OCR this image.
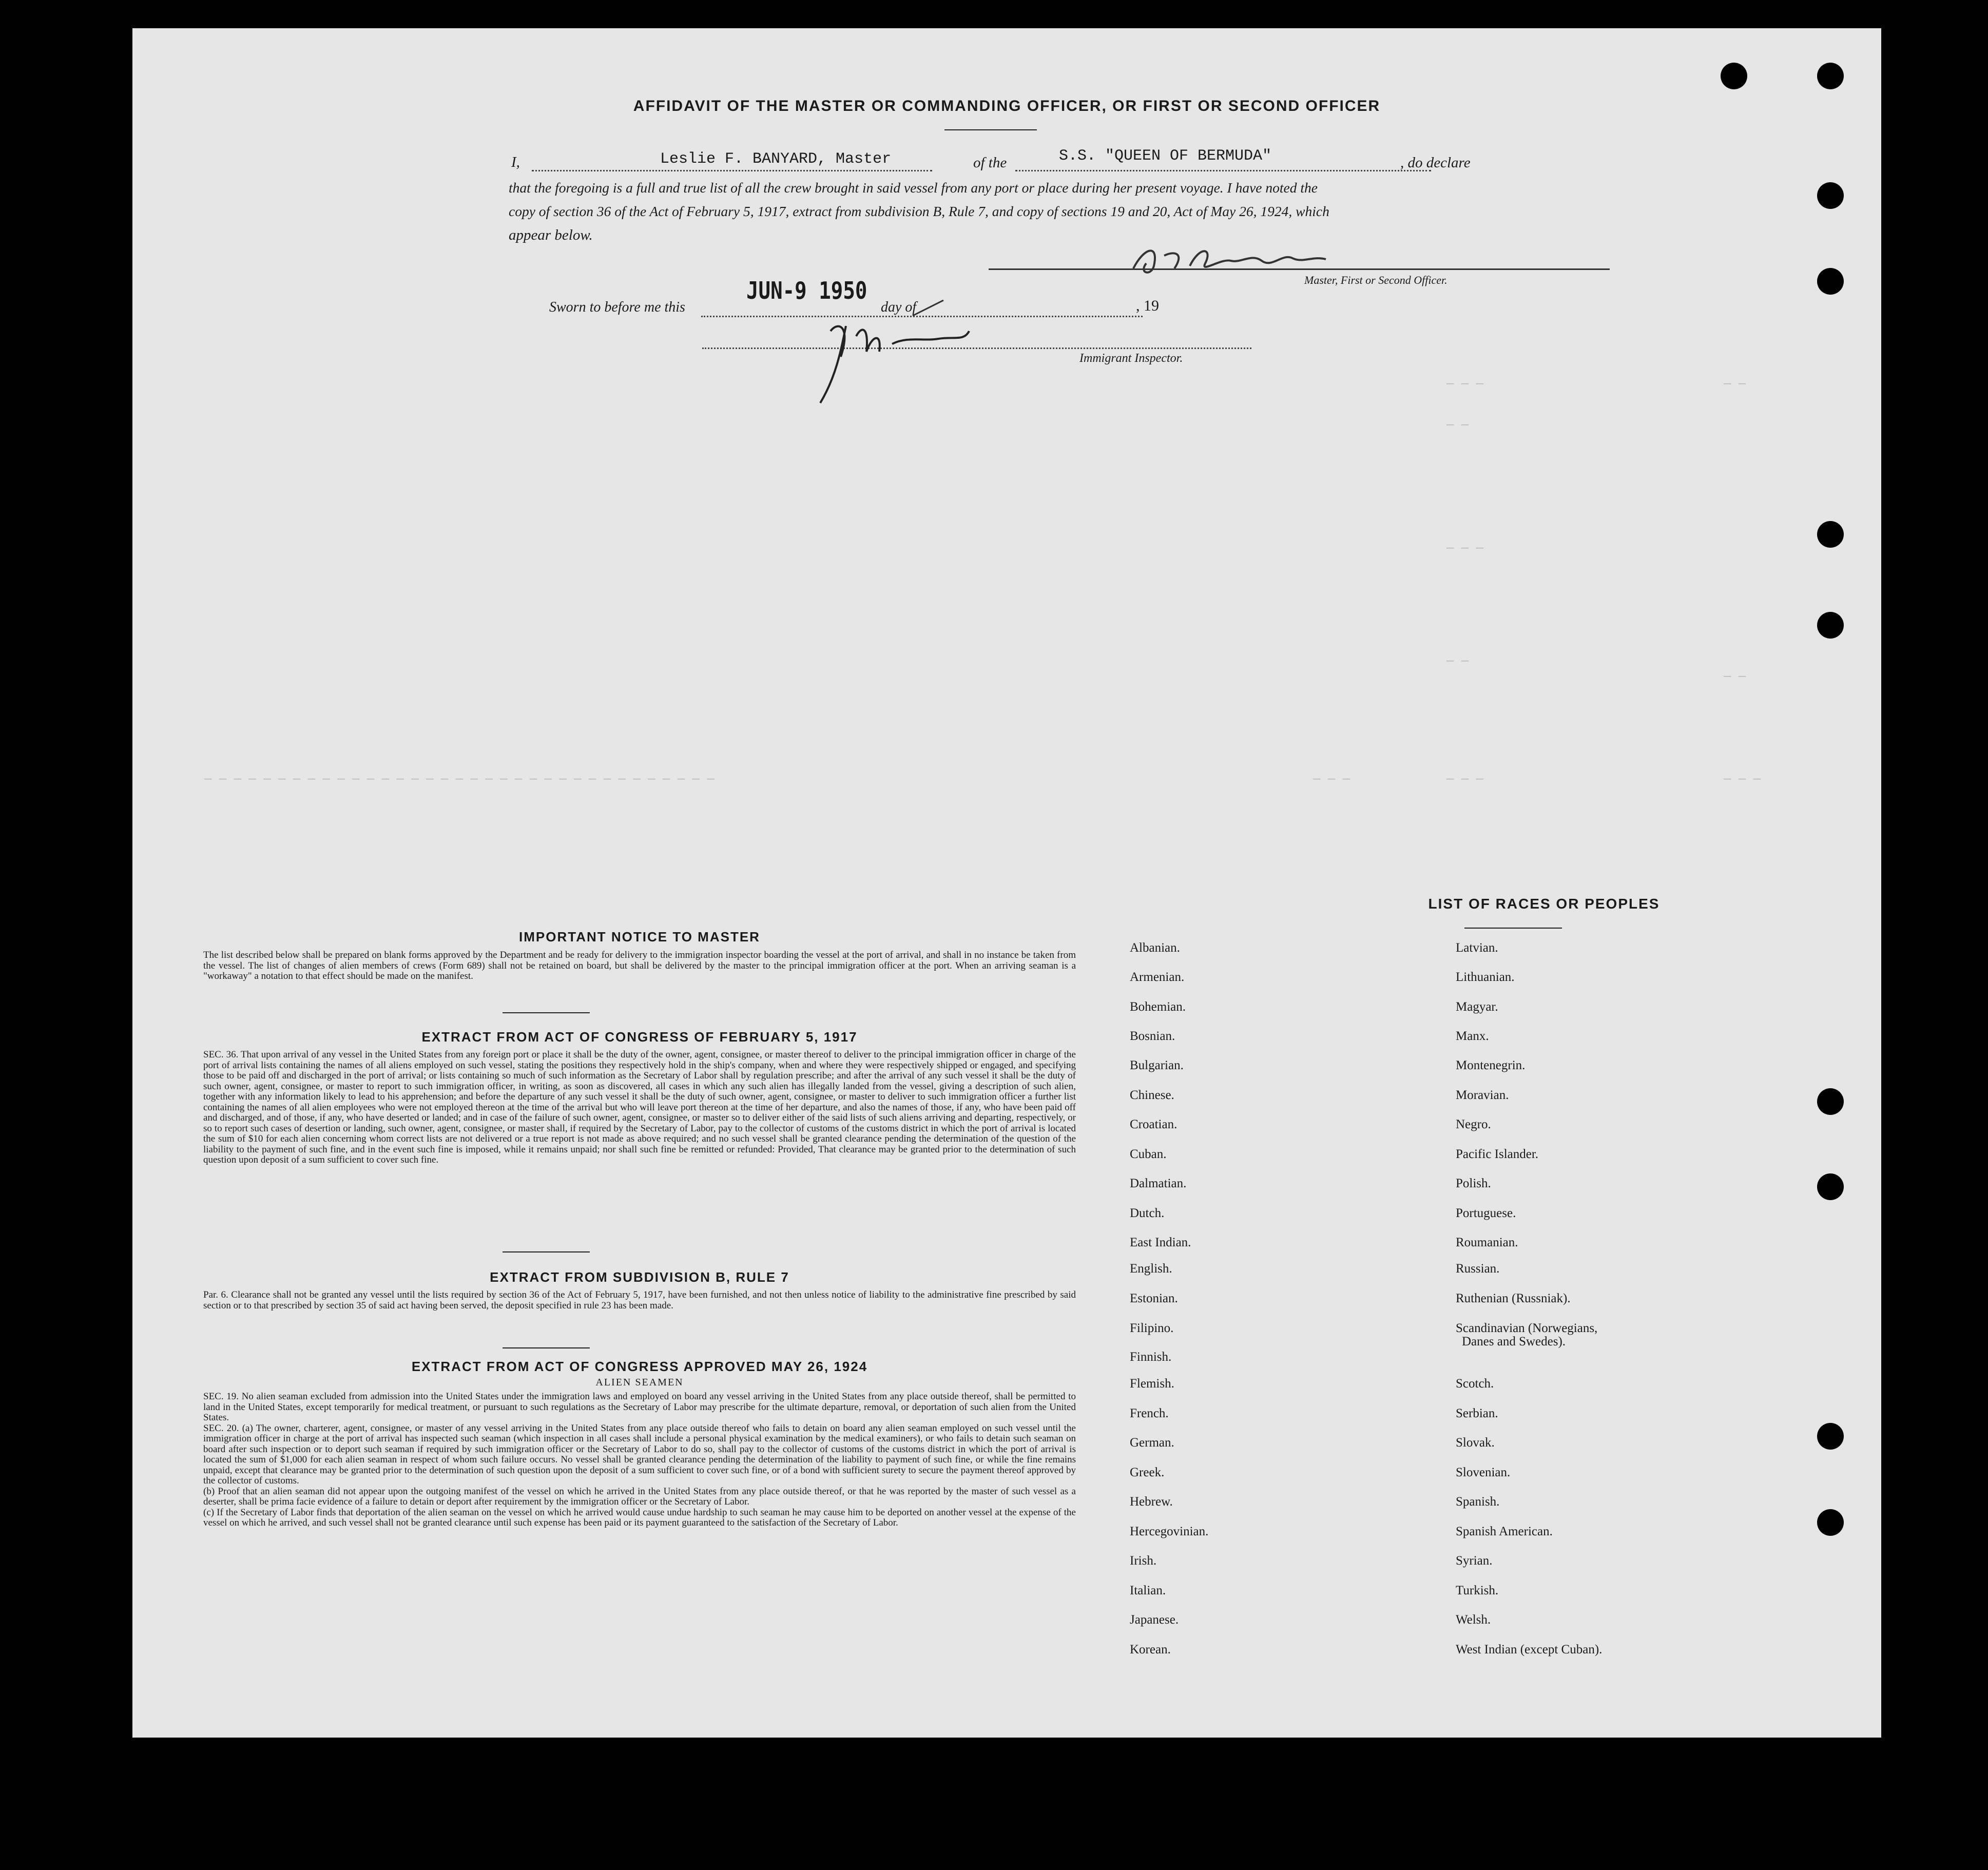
— — —
— —
— — —
— —
— — —
— —
— —
— — —
— — —
— — — — — — — — — — — — — — — — — — — — — — — — — — — — — — — — — — —
AFFIDAVIT OF THE MASTER OR COMMANDING OFFICER, OR FIRST OR SECOND OFFICER
I,	Leslie F. BANYARD, Master	of the	S.S. "QUEEN OF BERMUDA"	, do declare
that the foregoing is a full and true list of all the crew brought in said vessel from any port or place during her present voyage. I have noted the
copy of section 36 of the Act of February 5, 1917, extract from subdivision B, Rule 7, and copy of sections 19 and 20, Act of May 26, 1924, which
appear below.
Master, First or Second Officer.
Sworn to before me this
JUN-9 1950
day of	, 19
Immigrant Inspector.
IMPORTANT NOTICE TO MASTER
The list described below shall be prepared on blank forms approved by the Department and be ready for delivery to the immigration inspector boarding the vessel at the port of arrival, and shall in no instance be taken from the vessel. The list of changes of alien members of crews (Form 689) shall not be retained on board, but shall be delivered by the master to the principal immigration officer at the port. When an arriving seaman is a "workaway" a notation to that effect should be made on the manifest.
EXTRACT FROM ACT OF CONGRESS OF FEBRUARY 5, 1917
SEC. 36. That upon arrival of any vessel in the United States from any foreign port or place it shall be the duty of the owner, agent, consignee, or master thereof to deliver to the principal immigration officer in charge of the port of arrival lists containing the names of all aliens employed on such vessel, stating the positions they respectively hold in the ship's company, when and where they were respectively shipped or engaged, and specifying those to be paid off and discharged in the port of arrival; or lists containing so much of such information as the Secretary of Labor shall by regulation prescribe; and after the arrival of any such vessel it shall be the duty of such owner, agent, consignee, or master to report to such immigration officer, in writing, as soon as discovered, all cases in which any such alien has illegally landed from the vessel, giving a description of such alien, together with any information likely to lead to his apprehension; and before the departure of any such vessel it shall be the duty of such owner, agent, consignee, or master to deliver to such immigration officer a further list containing the names of all alien employees who were not employed thereon at the time of the arrival but who will leave port thereon at the time of her departure, and also the names of those, if any, who have been paid off and discharged, and of those, if any, who have deserted or landed; and in case of the failure of such owner, agent, consignee, or master so to deliver either of the said lists of such aliens arriving and departing, respectively, or so to report such cases of desertion or landing, such owner, agent, consignee, or master shall, if required by the Secretary of Labor, pay to the collector of customs of the customs district in which the port of arrival is located the sum of $10 for each alien concerning whom correct lists are not delivered or a true report is not made as above required; and no such vessel shall be granted clearance pending the determination of the question of the liability to the payment of such fine, and in the event such fine is imposed, while it remains unpaid; nor shall such fine be remitted or refunded: Provided, That clearance may be granted prior to the determination of such question upon deposit of a sum sufficient to cover such fine.
EXTRACT FROM SUBDIVISION B, RULE 7
Par. 6. Clearance shall not be granted any vessel until the lists required by section 36 of the Act of February 5, 1917, have been furnished, and not then unless notice of liability to the administrative fine prescribed by said section or to that prescribed by section 35 of said act having been served, the deposit specified in rule 23 has been made.
EXTRACT FROM ACT OF CONGRESS APPROVED MAY 26, 1924
ALIEN SEAMEN
SEC. 19. No alien seaman excluded from admission into the United States under the immigration laws and employed on board any vessel arriving in the United States from any place outside thereof, shall be permitted to land in the United States, except temporarily for medical treatment, or pursuant to such regulations as the Secretary of Labor may prescribe for the ultimate departure, removal, or deportation of such alien from the United States.
SEC. 20. (a) The owner, charterer, agent, consignee, or master of any vessel arriving in the United States from any place outside thereof who fails to detain on board any alien seaman employed on such vessel until the immigration officer in charge at the port of arrival has inspected such seaman (which inspection in all cases shall include a personal physical examination by the medical examiners), or who fails to detain such seaman on board after such inspection or to deport such seaman if required by such immigration officer or the Secretary of Labor to do so, shall pay to the collector of customs of the customs district in which the port of arrival is located the sum of $1,000 for each alien seaman in respect of whom such failure occurs. No vessel shall be granted clearance pending the determination of the liability to payment of such fine, or while the fine remains unpaid, except that clearance may be granted prior to the determination of such question upon the deposit of a sum sufficient to cover such fine, or of a bond with sufficient surety to secure the payment thereof approved by the collector of customs.
(b) Proof that an alien seaman did not appear upon the outgoing manifest of the vessel on which he arrived in the United States from any place outside thereof, or that he was reported by the master of such vessel as a deserter, shall be prima facie evidence of a failure to detain or deport after requirement by the immigration officer or the Secretary of Labor.
(c) If the Secretary of Labor finds that deportation of the alien seaman on the vessel on which he arrived would cause undue hardship to such seaman he may cause him to be deported on another vessel at the expense of the vessel on which he arrived, and such vessel shall not be granted clearance until such expense has been paid or its payment guaranteed to the satisfaction of the Secretary of Labor.
LIST OF RACES OR PEOPLES
Albanian.
Armenian.
Bohemian.
Bosnian.
Bulgarian.
Chinese.
Croatian.
Cuban.
Dalmatian.
Dutch.
East Indian.
English.
Estonian.
Filipino.
Finnish.
Flemish.
French.
German.
Greek.
Hebrew.
Hercegovinian.
Irish.
Italian.
Japanese.
Korean.
Latvian.
Lithuanian.
Magyar.
Manx.
Montenegrin.
Moravian.
Negro.
Pacific Islander.
Polish.
Portuguese.
Roumanian.
Russian.
Ruthenian (Russniak).
Scandinavian (Norwegians,
Danes and Swedes).
Scotch.
Serbian.
Slovak.
Slovenian.
Spanish.
Spanish American.
Syrian.
Turkish.
Welsh.
West Indian (except Cuban).
